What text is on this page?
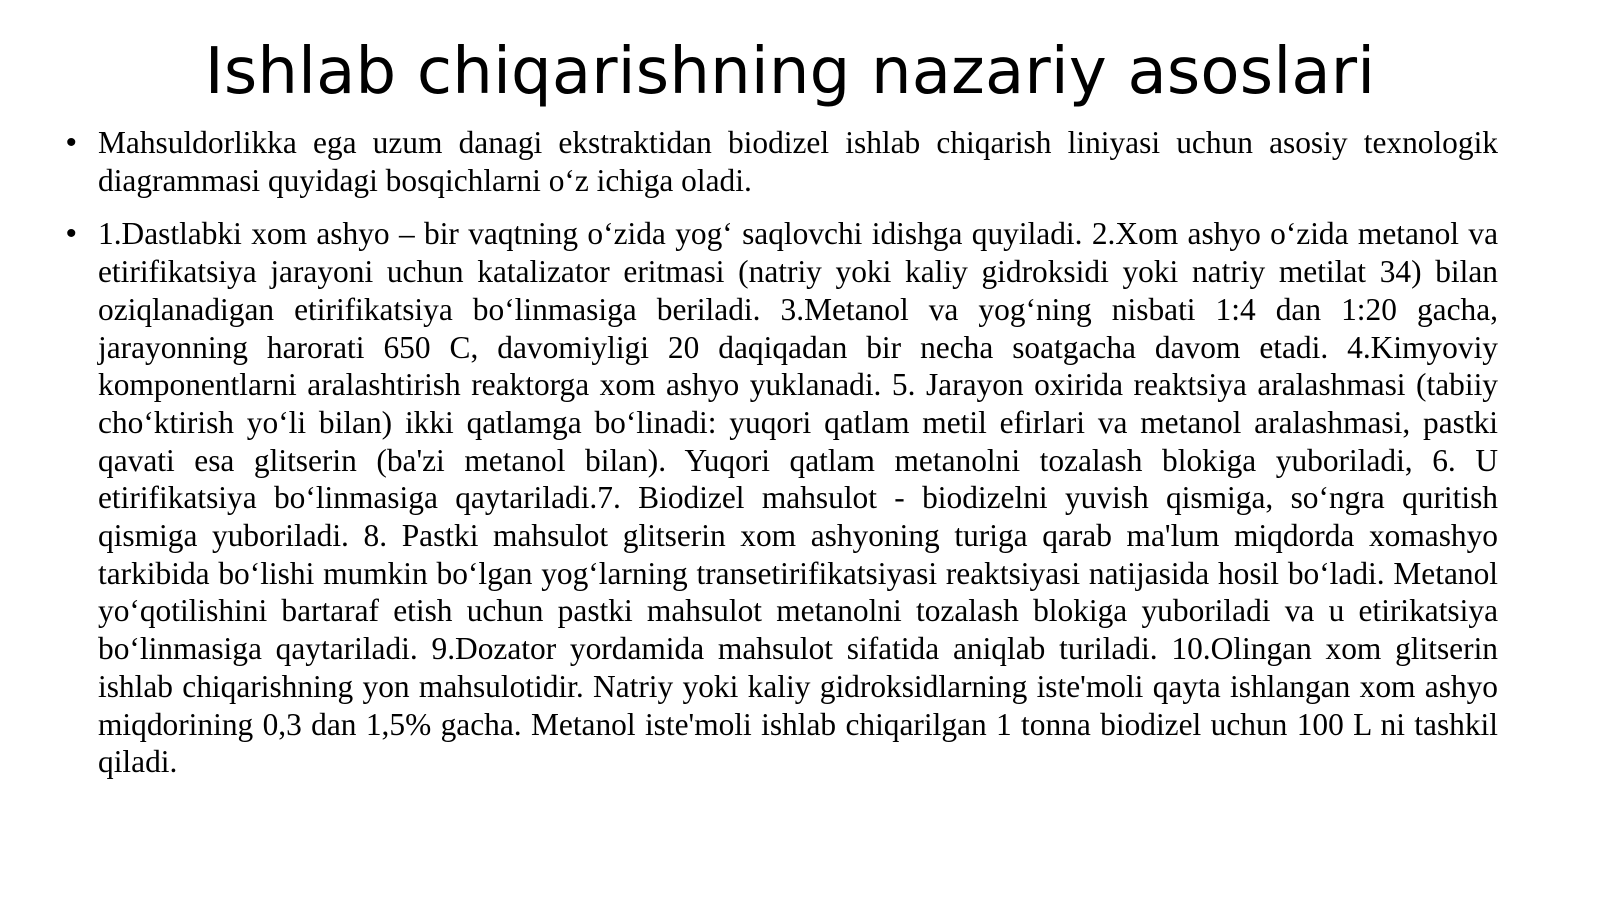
Ishlab chiqarishning nazariy asoslari
• Mahsuldorlikka ega uzum danagi ekstraktidan biodizel ishlab chiqarish liniyasi uchun asosiy texnologik diagrammasi quyidagi bosqichlarni oʻz ichiga oladi.
• 1.Dastlabki xom ashyo – bir vaqtning oʻzida yogʻ saqlovchi idishga quyiladi. 2.Xom ashyo oʻzida metanol va etirifikatsiya jarayoni uchun katalizator eritmasi (natriy yoki kaliy gidroksidi yoki natriy metilat 34) bilan oziqlanadigan etirifikatsiya boʻlinmasiga beriladi. 3.Metanol va yogʻning nisbati 1:4 dan 1:20 gacha, jarayonning harorati 650 C, davomiyligi 20 daqiqadan bir necha soatgacha davom etadi. 4.Kimyoviy komponentlarni aralashtirish reaktorga xom ashyo yuklanadi. 5. Jarayon oxirida reaktsiya aralashmasi (tabiiy choʻktirish yoʻli bilan) ikki qatlamga boʻlinadi: yuqori qatlam metil efirlari va metanol aralashmasi, pastki qavati esa glitserin (ba'zi metanol bilan). Yuqori qatlam metanolni tozalash blokiga yuboriladi, 6. U etirifikatsiya boʻlinmasiga qaytariladi.7. Biodizel mahsulot - biodizelni yuvish qismiga, soʻngra quritish qismiga yuboriladi. 8. Pastki mahsulot glitserin xom ashyoning turiga qarab ma'lum miqdorda xomashyo tarkibida boʻlishi mumkin boʻlgan yogʻlarning transetirifikatsiyasi reaktsiyasi natijasida hosil boʻladi. Metanol yoʻqotilishini bartaraf etish uchun pastki mahsulot metanolni tozalash blokiga yuboriladi va u etirikatsiya boʻlinmasiga qaytariladi. 9.Dozator yordamida mahsulot sifatida aniqlab turiladi. 10.Olingan xom glitserin ishlab chiqarishning yon mahsulotidir. Natriy yoki kaliy gidroksidlarning iste'moli qayta ishlangan xom ashyo miqdorining 0,3 dan 1,5% gacha. Metanol iste'moli ishlab chiqarilgan 1 tonna biodizel uchun 100 L ni tashkil qiladi.
